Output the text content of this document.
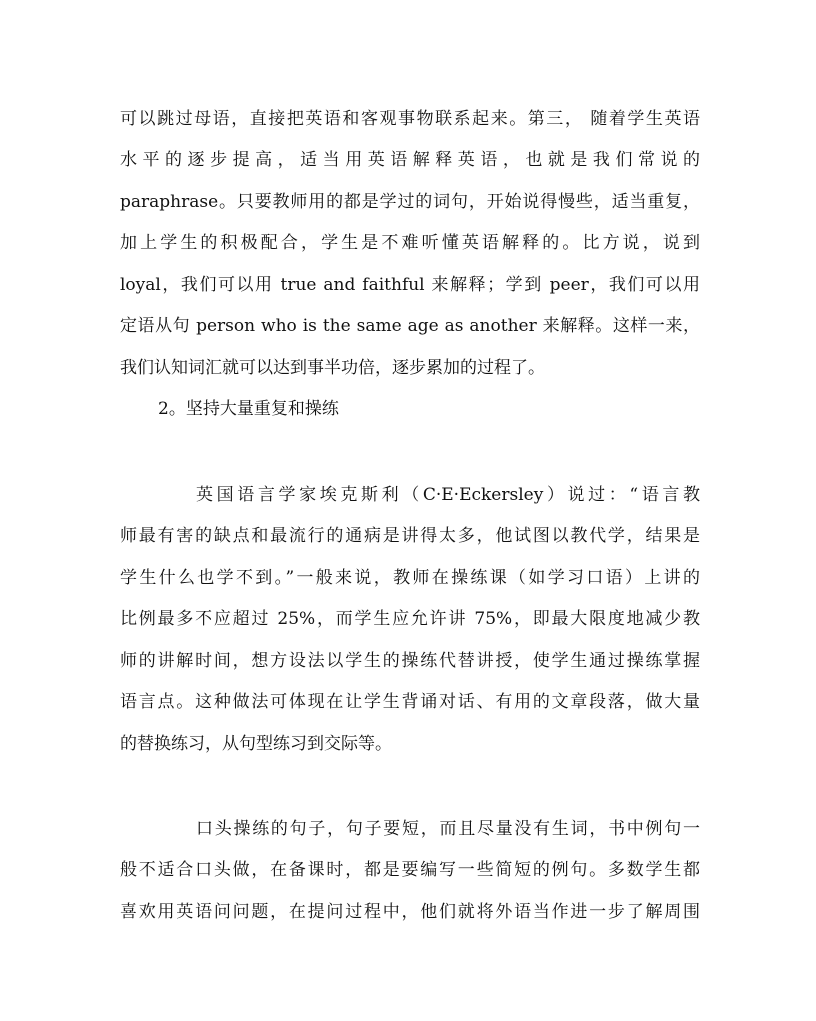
可以跳过母语，直接把英语和客观事物联系起来。第三， 随着学生英语
水平的逐步提高，适当用英语解释英语，也就是我们常说的
paraphrase。只要教师用的都是学过的词句，开始说得慢些，适当重复，
加上学生的积极配合，学生是不难听懂英语解释的。比方说，说到
loyal，我们可以用 true and faithful 来解释；学到 peer，我们可以用
定语从句 person who is the same age as another 来解释。这样一来，
我们认知词汇就可以达到事半功倍，逐步累加的过程了。
2。坚持大量重复和操练
英国语言学家埃克斯利（C·E·Eckersley）说过：“语言教
师最有害的缺点和最流行的通病是讲得太多，他试图以教代学，结果是
学生什么也学不到。”一般来说，教师在操练课（如学习口语）上讲的
比例最多不应超过 25%，而学生应允许讲 75%，即最大限度地减少教
师的讲解时间，想方设法以学生的操练代替讲授，使学生通过操练掌握
语言点。这种做法可体现在让学生背诵对话、有用的文章段落，做大量
的替换练习，从句型练习到交际等。
口头操练的句子，句子要短，而且尽量没有生词，书中例句一
般不适合口头做，在备课时，都是要编写一些简短的例句。多数学生都
喜欢用英语问问题，在提问过程中，他们就将外语当作进一步了解周围
